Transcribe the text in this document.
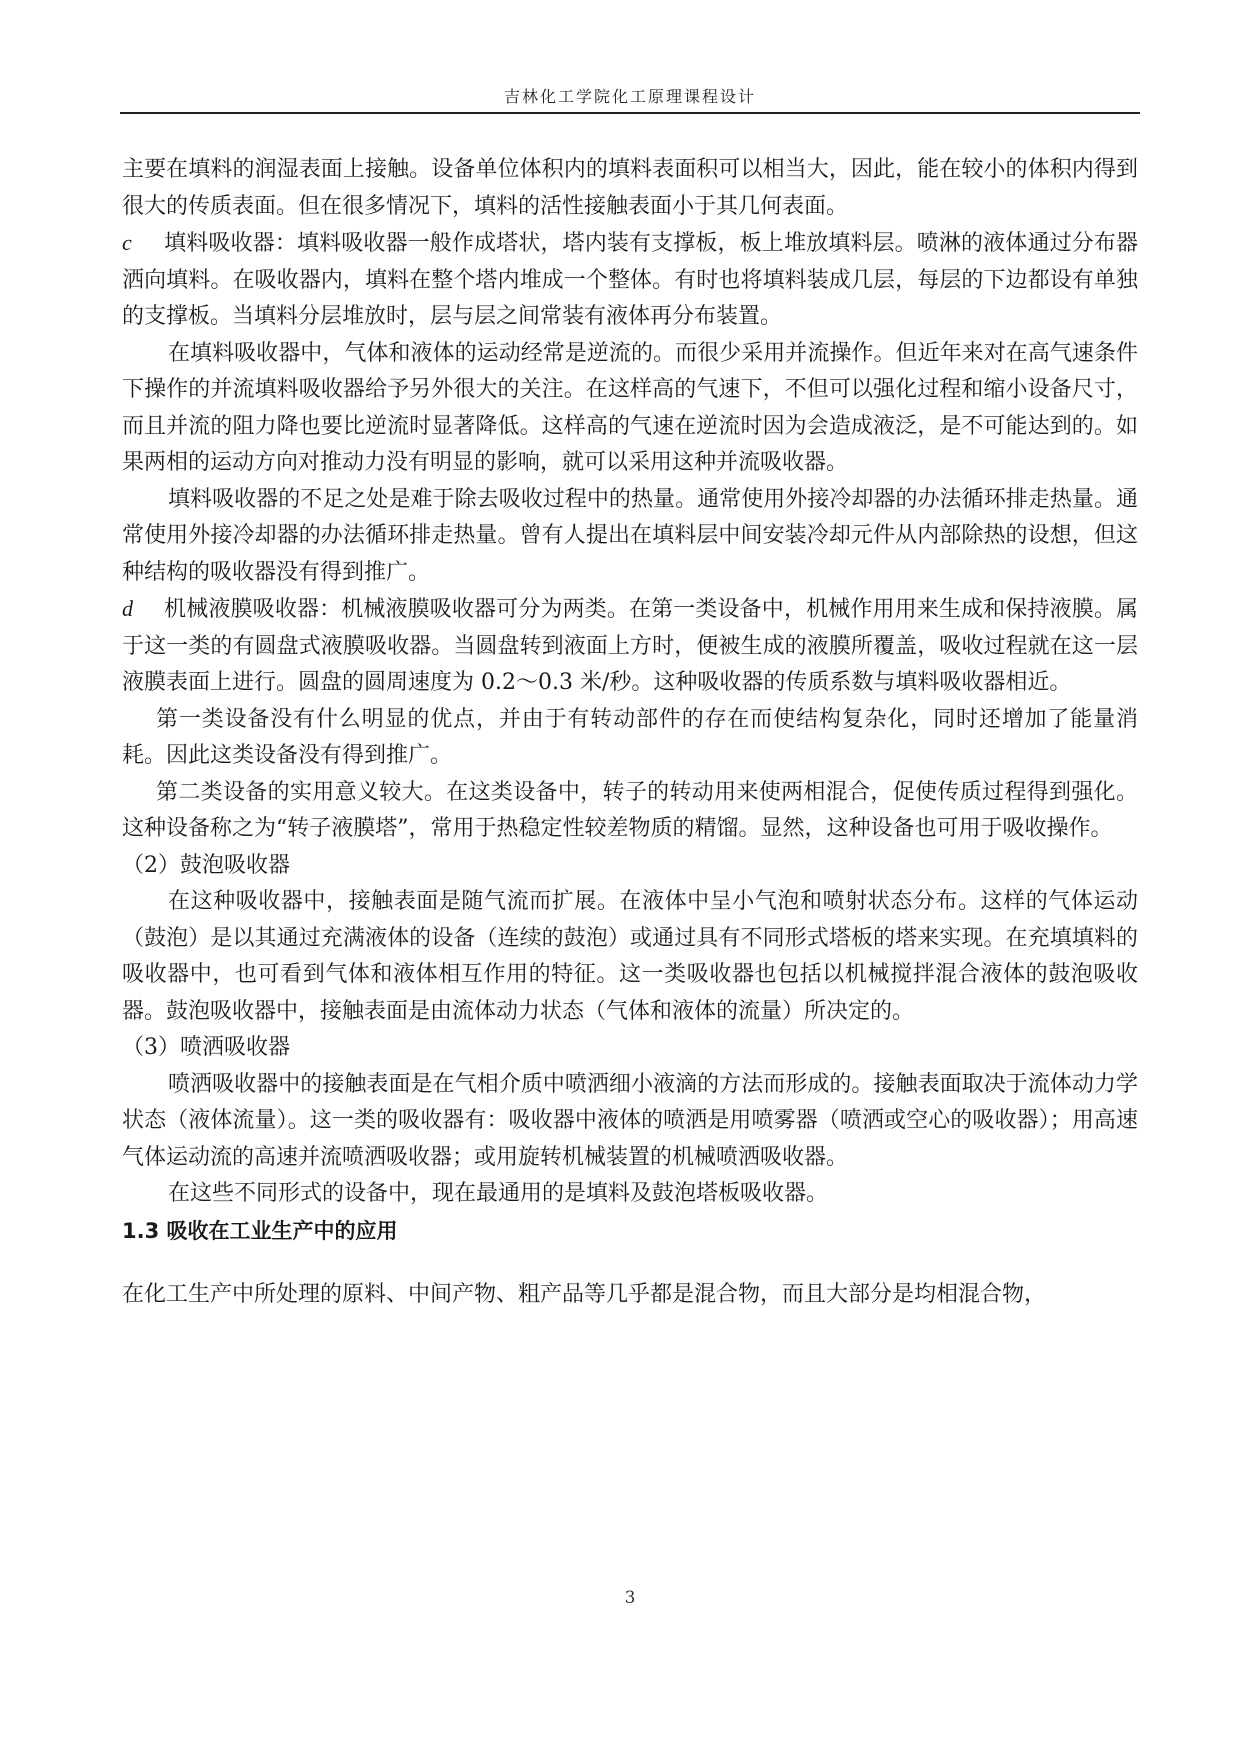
吉林化工学院化工原理课程设计

主要在填料的润湿表面上接触。设备单位体积内的填料表面积可以相当大，因此，能在较小的体积内得到很大的传质表面。但在很多情况下，填料的活性接触表面小于其几何表面。

c 填料吸收器：填料吸收器一般作成塔状，塔内装有支撑板，板上堆放填料层。喷淋的液体通过分布器洒向填料。在吸收器内，填料在整个塔内堆成一个整体。有时也将填料装成几层，每层的下边都设有单独的支撑板。当填料分层堆放时，层与层之间常装有液体再分布装置。

在填料吸收器中，气体和液体的运动经常是逆流的。而很少采用并流操作。但近年来对在高气速条件下操作的并流填料吸收器给予另外很大的关注。在这样高的气速下，不但可以强化过程和缩小设备尺寸，而且并流的阻力降也要比逆流时显著降低。这样高的气速在逆流时因为会造成液泛，是不可能达到的。如果两相的运动方向对推动力没有明显的影响，就可以采用这种并流吸收器。

填料吸收器的不足之处是难于除去吸收过程中的热量。通常使用外接冷却器的办法循环排走热量。通常使用外接冷却器的办法循环排走热量。曾有人提出在填料层中间安装冷却元件从内部除热的设想，但这种结构的吸收器没有得到推广。

d 机械液膜吸收器：机械液膜吸收器可分为两类。在第一类设备中，机械作用用来生成和保持液膜。属于这一类的有圆盘式液膜吸收器。当圆盘转到液面上方时，便被生成的液膜所覆盖，吸收过程就在这一层液膜表面上进行。圆盘的圆周速度为 0.2～0.3 米/秒。这种吸收器的传质系数与填料吸收器相近。

第一类设备没有什么明显的优点，并由于有转动部件的存在而使结构复杂化，同时还增加了能量消耗。因此这类设备没有得到推广。

第二类设备的实用意义较大。在这类设备中，转子的转动用来使两相混合，促使传质过程得到强化。这种设备称之为“转子液膜塔”，常用于热稳定性较差物质的精馏。显然，这种设备也可用于吸收操作。

（2）鼓泡吸收器

在这种吸收器中，接触表面是随气流而扩展。在液体中呈小气泡和喷射状态分布。这样的气体运动（鼓泡）是以其通过充满液体的设备（连续的鼓泡）或通过具有不同形式塔板的塔来实现。在充填填料的吸收器中，也可看到气体和液体相互作用的特征。这一类吸收器也包括以机械搅拌混合液体的鼓泡吸收器。鼓泡吸收器中，接触表面是由流体动力状态（气体和液体的流量）所决定的。

（3）喷洒吸收器

喷洒吸收器中的接触表面是在气相介质中喷洒细小液滴的方法而形成的。接触表面取决于流体动力学状态（液体流量）。这一类的吸收器有：吸收器中液体的喷洒是用喷雾器（喷洒或空心的吸收器）；用高速气体运动流的高速并流喷洒吸收器；或用旋转机械装置的机械喷洒吸收器。

在这些不同形式的设备中，现在最通用的是填料及鼓泡塔板吸收器。

1.3 吸收在工业生产中的应用

在化工生产中所处理的原料、中间产物、粗产品等几乎都是混合物，而且大部分是均相混合物，

3
